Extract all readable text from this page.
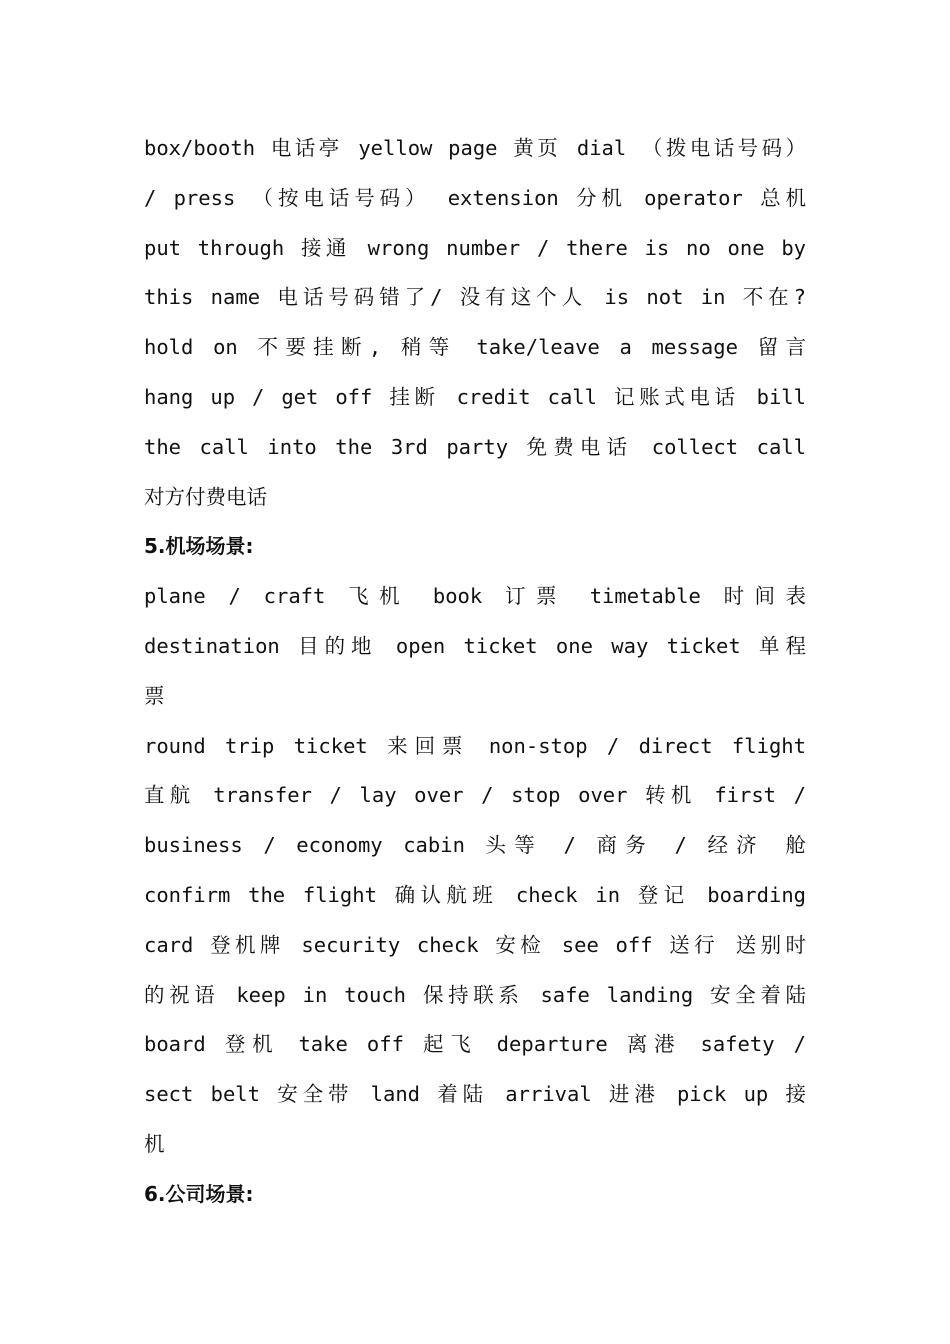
box/booth 电话亭 yellow page 黄页 dial （拨电话号码）
/ press （按电话号码） extension 分机 operator 总机
put through 接通 wrong number / there is no one by
this name 电话号码错了/ 没有这个人 is not in 不在?
hold on 不要挂断, 稍等 take/leave a message 留言
hang up / get off 挂断 credit call 记账式电话 bill
the call into the 3rd party 免费电话 collect call
对方付费电话
5.机场场景:
plane / craft 飞机 book 订票 timetable 时间表
destination 目的地 open ticket one way ticket 单程
票
round trip ticket 来回票 non-stop / direct flight
直航 transfer / lay over / stop over 转机 first /
business / economy cabin 头等 / 商务 / 经济 舱
confirm the flight 确认航班 check in 登记 boarding
card 登机牌 security check 安检 see off 送行 送别时
的祝语 keep in touch 保持联系 safe landing 安全着陆
board 登机 take off 起飞 departure 离港 safety /
sect belt 安全带 land 着陆 arrival 进港 pick up 接
机
6.公司场景:
